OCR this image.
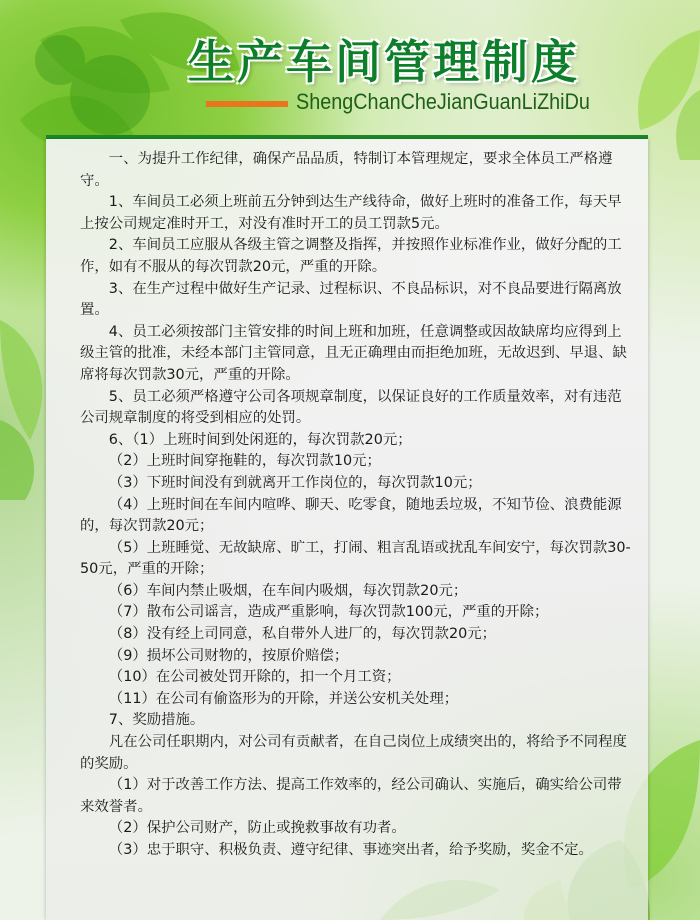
生产车间管理制度
ShengChanCheJianGuanLiZhiDu

一、为提升工作纪律，确保产品品质，特制订本管理规定，要求全体员工严格遵守。

1、车间员工必须上班前五分钟到达生产线待命，做好上班时的准备工作，每天早上按公司规定准时开工，对没有准时开工的员工罚款5元。

2、车间员工应服从各级主管之调整及指挥，并按照作业标准作业，做好分配的工作，如有不服从的每次罚款20元，严重的开除。

3、在生产过程中做好生产记录、过程标识、不良品标识，对不良品要进行隔离放置。

4、员工必须按部门主管安排的时间上班和加班，任意调整或因故缺席均应得到上级主管的批准，未经本部门主管同意，且无正确理由而拒绝加班，无故迟到、早退、缺席将每次罚款30元，严重的开除。

5、员工必须严格遵守公司各项规章制度，以保证良好的工作质量效率，对有违范公司规章制度的将受到相应的处罚。

6、（1）上班时间到处闲逛的，每次罚款20元；

（2）上班时间穿拖鞋的，每次罚款10元；

（3）下班时间没有到就离开工作岗位的，每次罚款10元；

（4）上班时间在车间内喧哗、聊天、吃零食，随地丢垃圾，不知节俭、浪费能源的，每次罚款20元；

（5）上班睡觉、无故缺席、旷工，打闹、粗言乱语或扰乱车间安宁，每次罚款30-50元，严重的开除；

（6）车间内禁止吸烟，在车间内吸烟，每次罚款20元；

（7）散布公司谣言，造成严重影响，每次罚款100元，严重的开除；

（8）没有经上司同意，私自带外人进厂的，每次罚款20元；

（9）损坏公司财物的，按原价赔偿；

（10）在公司被处罚开除的，扣一个月工资；

（11）在公司有偷盗形为的开除，并送公安机关处理；

7、奖励措施。

凡在公司任职期内，对公司有贡献者，在自己岗位上成绩突出的，将给予不同程度的奖励。

（1）对于改善工作方法、提高工作效率的，经公司确认、实施后，确实给公司带来效誉者。

（2）保护公司财产，防止或挽救事故有功者。

（3）忠于职守、积极负责、遵守纪律、事迹突出者，给予奖励，奖金不定。
